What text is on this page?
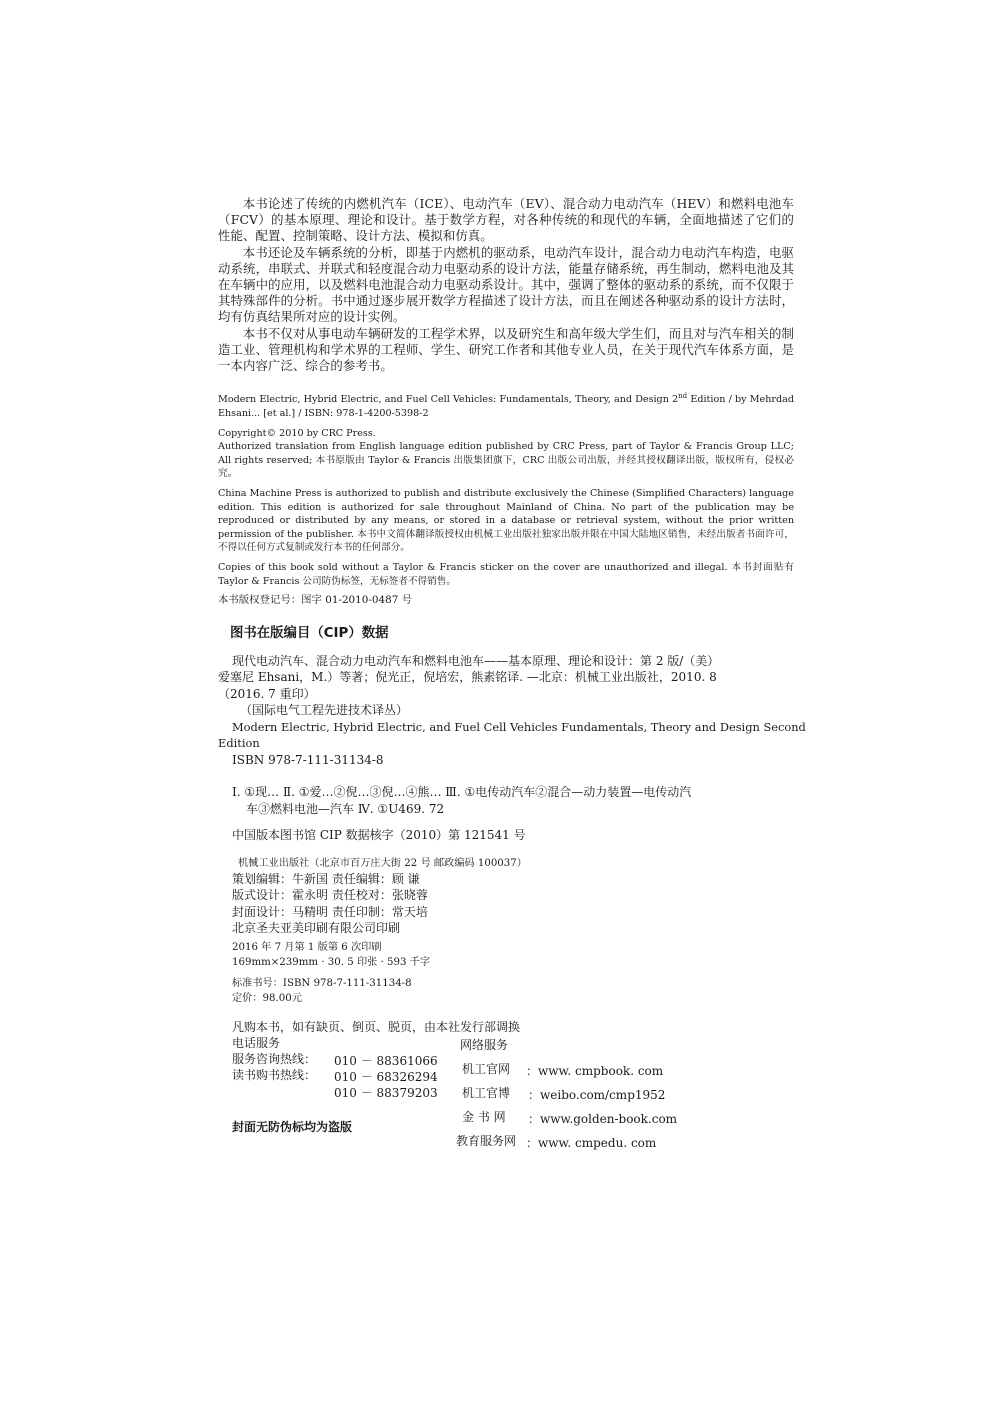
本书论述了传统的内燃机汽车（ICE）、电动汽车（EV）、混合动力电动汽车（HEV）和燃料电池车（FCV）的基本原理、理论和设计。基于数学方程，对各种传统的和现代的车辆，全面地描述了它们的性能、配置、控制策略、设计方法、模拟和仿真。

本书还论及车辆系统的分析，即基于内燃机的驱动系，电动汽车设计，混合动力电动汽车构造，电驱动系统，串联式、并联式和轻度混合动力电驱动系的设计方法，能量存储系统，再生制动，燃料电池及其在车辆中的应用，以及燃料电池混合动力电驱动系设计。其中，强调了整体的驱动系的系统，而不仅限于其特殊部件的分析。书中通过逐步展开数学方程描述了设计方法，而且在阐述各种驱动系的设计方法时，均有仿真结果所对应的设计实例。

本书不仅对从事电动车辆研发的工程学术界，以及研究生和高年级大学生们，而且对与汽车相关的制造工业、管理机构和学术界的工程师、学生、研究工作者和其他专业人员，在关于现代汽车体系方面，是一本内容广泛、综合的参考书。

Modern Electric, Hybrid Electric, and Fuel Cell Vehicles: Fundamentals, Theory, and Design 2nd Edition / by Mehrdad Ehsani... [et al.] / ISBN: 978-1-4200-5398-2

Copyright© 2010 by CRC Press.

Authorized translation from English language edition published by CRC Press, part of Taylor & Francis Group LLC; All rights reserved; 本书原版由 Taylor & Francis 出版集团旗下，CRC 出版公司出版，并经其授权翻译出版，版权所有，侵权必究。

China Machine Press is authorized to publish and distribute exclusively the Chinese (Simplified Characters) language edition. This edition is authorized for sale throughout Mainland of China. No part of the publication may be reproduced or distributed by any means, or stored in a database or retrieval system, without the prior written permission of the publisher. 本书中文简体翻译版授权由机械工业出版社独家出版并限在中国大陆地区销售，未经出版者书面许可，不得以任何方式复制或发行本书的任何部分。

Copies of this book sold without a Taylor & Francis sticker on the cover are unauthorized and illegal. 本书封面贴有 Taylor & Francis 公司防伪标签，无标签者不得销售。

本书版权登记号：图字 01-2010-0487 号

图书在版编目（CIP）数据
现代电动汽车、混合动力电动汽车和燃料电池车——基本原理、理论和设计：第 2 版/（美）
爱塞尼 Ehsani，M.）等著；倪光正，倪培宏，熊素铭译. —北京：机械工业出版社，2010. 8
（2016. 7 重印）
（国际电气工程先进技术译丛）
Modern Electric, Hybrid Electric, and Fuel Cell Vehicles Fundamentals, Theory and Design Second
Edition
ISBN 978-7-111-31134-8
Ⅰ. ①现… Ⅱ. ①爱…②倪…③倪…④熊… Ⅲ. ①电传动汽车②混合—动力装置—电传动汽
车③燃料电池—汽车 Ⅳ. ①U469. 72
中国版本图书馆 CIP 数据核字（2010）第 121541 号
机械工业出版社（北京市百万庄大街 22 号 邮政编码 100037）
策划编辑：牛新国 责任编辑：顾 谦
版式设计：霍永明 责任校对：张晓蓉
封面设计：马精明 责任印制：常天培
北京圣夫亚美印刷有限公司印刷
2016 年 7 月第 1 版第 6 次印刷
169mm×239mm · 30. 5 印张 · 593 千字
标准书号：ISBN 978-7-111-31134-8
定价：98.00元
凡购本书，如有缺页、倒页、脱页，由本社发行部调换
电话服务	网络服务
服务咨询热线： 010 － 88361066
读书购书热线： 010 － 68326294
010 － 88379203
机工官网 ：www. cmpbook. com
机工官博 ：weibo.com/cmp1952
金 书 网 ：www.golden-book.com
教育服务网 ：www. cmpedu. com
封面无防伪标均为盗版
